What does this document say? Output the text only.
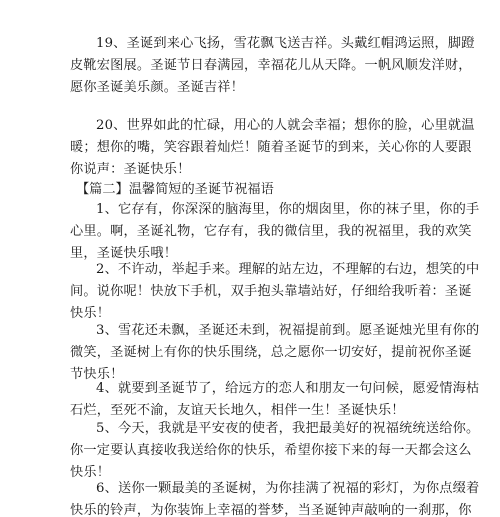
19、圣诞到来心飞扬，雪花飘飞送吉祥。头戴红帽鸿运照，脚蹬
皮靴宏图展。圣诞节日春满园，幸福花儿从天降。一帆风顺发洋财，
愿你圣诞美乐颜。圣诞吉祥！
20、世界如此的忙碌，用心的人就会幸福；想你的脸，心里就温
暖；想你的嘴，笑容跟着灿烂！随着圣诞节的到来，关心你的人要跟
你说声：圣诞快乐！
【篇二】温馨简短的圣诞节祝福语
1、它存有，你深深的脑海里，你的烟囱里，你的袜子里，你的手
心里。啊，圣诞礼物，它存有，我的微信里，我的祝福里，我的欢笑
里，圣诞快乐哦！
2、不许动，举起手来。理解的站左边，不理解的右边，想笑的中
间。说你呢！快放下手机，双手抱头靠墙站好，仔细给我听着：圣诞
快乐！
3、雪花还未飘，圣诞还未到，祝福提前到。愿圣诞烛光里有你的
微笑，圣诞树上有你的快乐围绕，总之愿你一切安好，提前祝你圣诞
节快乐！
4、就要到圣诞节了，给远方的恋人和朋友一句问候，愿爱情海枯
石烂，至死不渝，友谊天长地久，相伴一生！圣诞快乐！
5、今天，我就是平安夜的使者，我把最美好的祝福统统送给你。
你一定要认真接收我送给你的快乐，希望你接下来的每一天都会这么
快乐！
6、送你一颗最美的圣诞树，为你挂满了祝福的彩灯，为你点缀着
快乐的铃声，为你装饰上幸福的誉梦，当圣诞钟声敲响的一刹那，你
